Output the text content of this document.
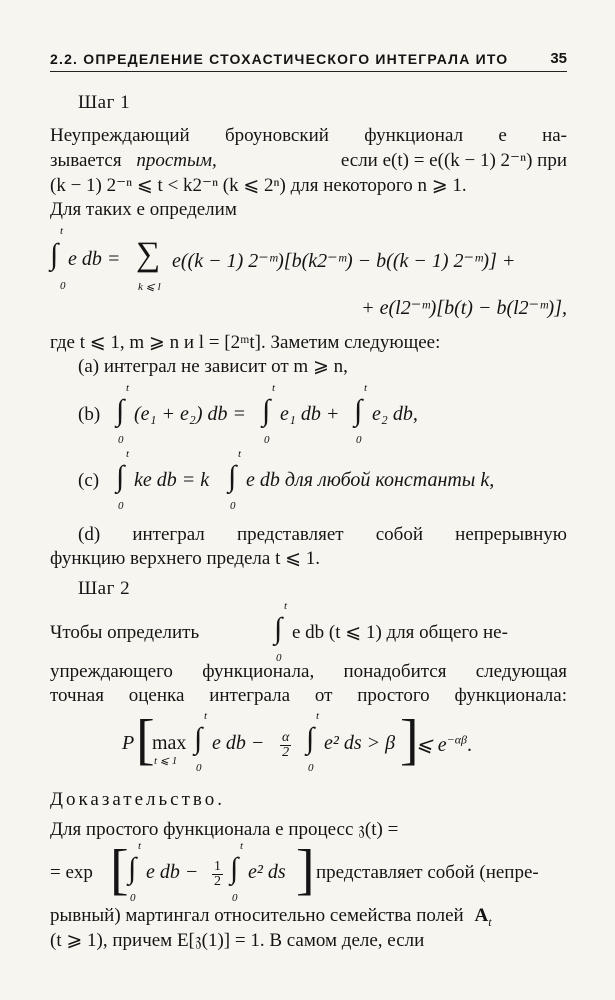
2.2. ОПРЕДЕЛЕНИЕ СТОХАСТИЧЕСКОГО ИНТЕГРАЛА ИТО	35
Шаг 1
Неупреждающий броуновский функционал e на-
зывается простым,	если e(t) = e((k − 1) 2⁻ⁿ) при
(k − 1) 2⁻ⁿ ⩽ t < k2⁻ⁿ (k ⩽ 2ⁿ) для некоторого n ⩾ 1.
Для таких e определим
t
∫
0
e db = ∑
k ⩽ l
e((k − 1) 2⁻ᵐ)[b(k2⁻ᵐ) − b((k − 1) 2⁻ᵐ)] +
+ e(l2⁻ᵐ)[b(t) − b(l2⁻ᵐ)],
где t ⩽ 1, m ⩾ n и l = [2ᵐt]. Заметим следующее:
(a) интеграл не зависит от m ⩾ n,
(b)
t
∫
0
(e₁ + e₂) db =
t
∫
0
e₁ db +
t
∫
0
e₂ db,
(c)
t
∫
0
ke db = k
t
∫
0
e db для любой константы k,
(d) интеграл представляет собой непрерывную
функцию верхнего предела t ⩽ 1.
Шаг 2
Чтобы определить
t
∫
0
e db (t ⩽ 1) для общего не-
упреждающего функционала, понадобится следующая
точная оценка интеграла от простого функционала:
P [
max
t ⩽ 1
t
∫
0
e db − $\frac{\alpha}{2}$
t
∫
0
e² ds > β ]
⩽ $e^{-\alpha\beta}$.
Доказательство.
Для простого функционала e процесс 𝔷(t) =
= exp [ t
∫
0
e db − $\frac{1}{2}$
t
∫
0
e² ds ] представляет собой (непре-
рывный) мартингал относительно семейства полей $A_t$
(t ⩾ 1), причем E[𝔷(1)] = 1. В самом деле, если
